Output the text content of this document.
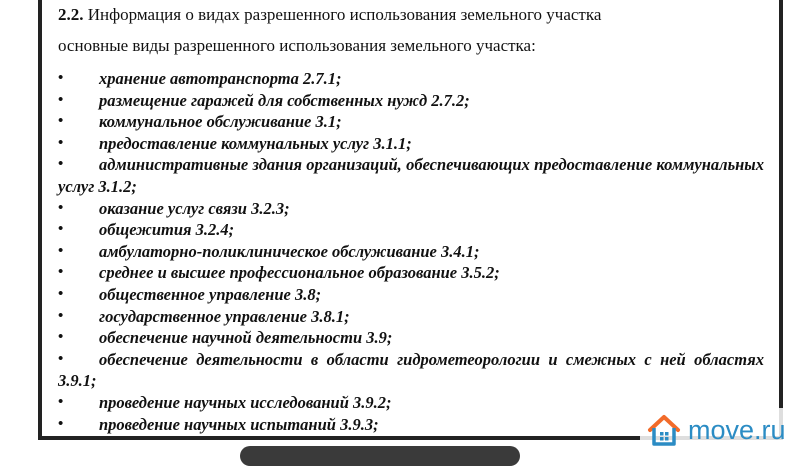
2.2. Информация о видах разрешенного использования земельного участка

основные виды разрешенного использования земельного участка:
• хранение автотранспорта 2.7.1;
• размещение гаражей для собственных нужд 2.7.2;
• коммунальное обслуживание 3.1;
• предоставление коммунальных услуг 3.1.1;
• административные здания организаций, обеспечивающих предоставление коммунальных услуг 3.1.2;
• оказание услуг связи 3.2.3;
• общежития 3.2.4;
• амбулаторно-поликлиническое обслуживание 3.4.1;
• среднее и высшее профессиональное образование 3.5.2;
• общественное управление 3.8;
• государственное управление 3.8.1;
• обеспечение научной деятельности 3.9;
• обеспечение деятельности в области гидрометеорологии и смежных с ней областях 3.9.1;
• проведение научных исследований 3.9.2;
• проведение научных испытаний 3.9.3;	move.ru
